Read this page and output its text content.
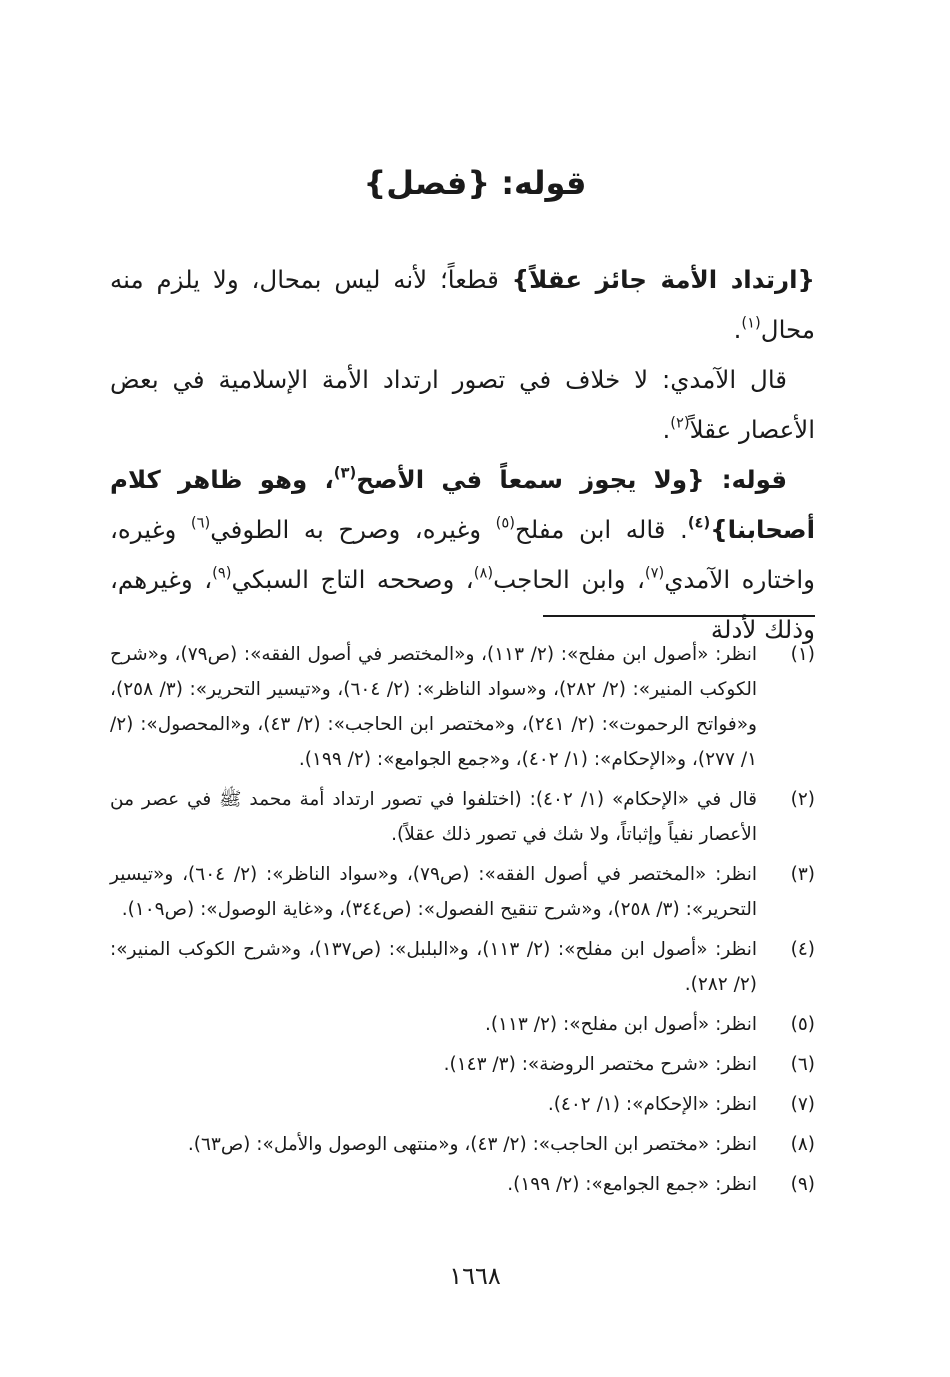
قوله: {فصل}

{ارتداد الأمة جائز عقلاً} قطعاً؛ لأنه ليس بمحال، ولا يلزم منه محال$^{(١)}$.

قال الآمدي: لا خلاف في تصور ارتداد الأمة الإسلامية في بعض الأعصار عقلاً$^{(٢)}$.

قوله: {ولا يجوز سمعاً في الأصح$^{(٣)}$، وهو ظاهر كلام أصحابنا}$^{(٤)}$. قاله ابن مفلح$^{(٥)}$ وغيره، وصرح به الطوفي$^{(٦)}$ وغيره، واختاره الآمدي$^{(٧)}$، وابن الحاجب$^{(٨)}$، وصححه التاج السبكي$^{(٩)}$، وغيرهم، وذلك لأدلة

(١)
انظر: «أصول ابن مفلح»: (٢/ ١١٣)، و«المختصر في أصول الفقه»: (ص٧٩)، و«شرح الكوكب المنير»: (٢/ ٢٨٢)، و«سواد الناظر»: (٢/ ٦٠٤)، و«تيسير التحرير»: (٣/ ٢٥٨)، و«فواتح الرحموت»: (٢/ ٢٤١)، و«مختصر ابن الحاجب»: (٢/ ٤٣)، و«المحصول»: (٢/ ١/ ٢٧٧)، و«الإحكام»: (١/ ٤٠٢)، و«جمع الجوامع»: (٢/ ١٩٩).
(٢)
قال في «الإحكام» (١/ ٤٠٢): (اختلفوا في تصور ارتداد أمة محمد ﷺ في عصر من الأعصار نفياً وإثباتاً، ولا شك في تصور ذلك عقلاً).
(٣)
انظر: «المختصر في أصول الفقه»: (ص٧٩)، و«سواد الناظر»: (٢/ ٦٠٤)، و«تيسير التحرير»: (٣/ ٢٥٨)، و«شرح تنقيح الفصول»: (ص٣٤٤)، و«غاية الوصول»: (ص١٠٩).
(٤)
انظر: «أصول ابن مفلح»: (٢/ ١١٣)، و«البلبل»: (ص١٣٧)، و«شرح الكوكب المنير»: (٢/ ٢٨٢).
(٥)
انظر: «أصول ابن مفلح»: (٢/ ١١٣).
(٦)
انظر: «شرح مختصر الروضة»: (٣/ ١٤٣).
(٧)
انظر: «الإحكام»: (١/ ٤٠٢).
(٨)
انظر: «مختصر ابن الحاجب»: (٢/ ٤٣)، و«منتهى الوصول والأمل»: (ص٦٣).
(٩)
انظر: «جمع الجوامع»: (٢/ ١٩٩).
١٦٦٨
